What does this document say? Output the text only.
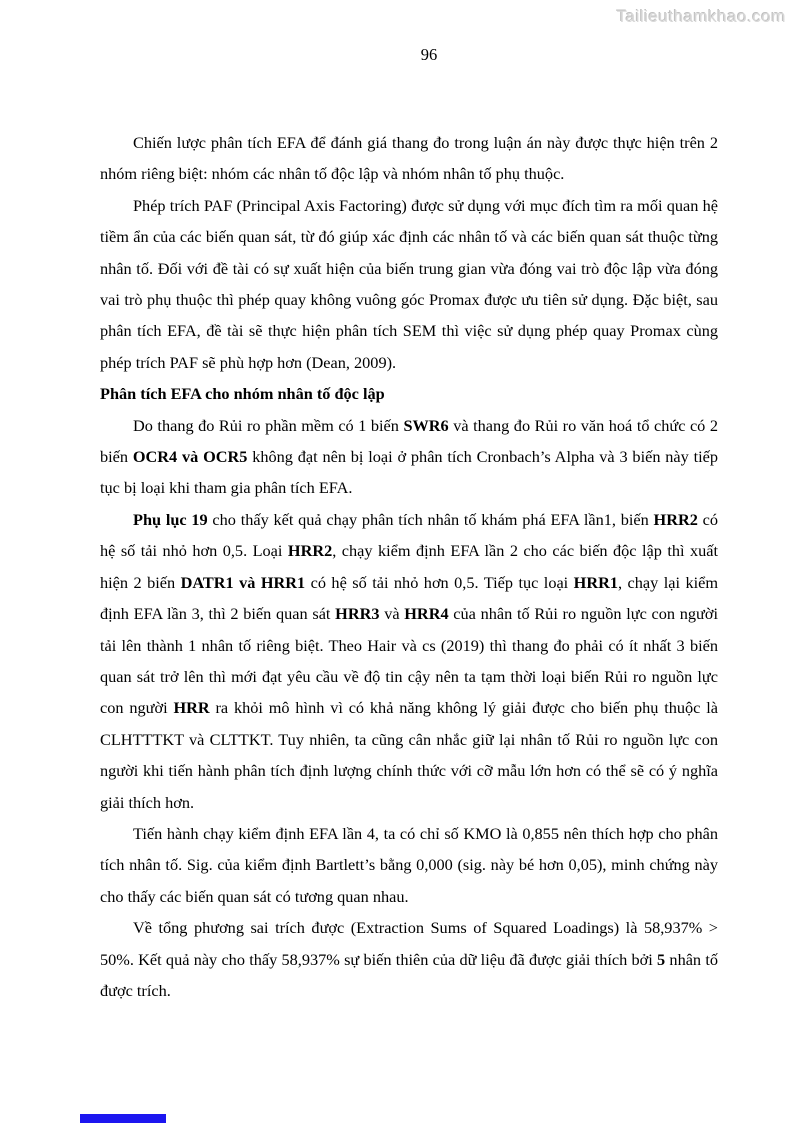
Tailieuthamkhao.com
96

Chiến lược phân tích EFA để đánh giá thang đo trong luận án này được thực hiện trên 2 nhóm riêng biệt: nhóm các nhân tố độc lập và nhóm nhân tố phụ thuộc.

Phép trích PAF (Principal Axis Factoring) được sử dụng với mục đích tìm ra mối quan hệ tiềm ẩn của các biến quan sát, từ đó giúp xác định các nhân tố và các biến quan sát thuộc từng nhân tố. Đối với đề tài có sự xuất hiện của biến trung gian vừa đóng vai trò độc lập vừa đóng vai trò phụ thuộc thì phép quay không vuông góc Promax được ưu tiên sử dụng. Đặc biệt, sau phân tích EFA, đề tài sẽ thực hiện phân tích SEM thì việc sử dụng phép quay Promax cùng phép trích PAF sẽ phù hợp hơn (Dean, 2009).

Phân tích EFA cho nhóm nhân tố độc lập

Do thang đo Rủi ro phần mềm có 1 biến SWR6 và thang đo Rủi ro văn hoá tổ chức có 2 biến OCR4 và OCR5 không đạt nên bị loại ở phân tích Cronbach’s Alpha và 3 biến này tiếp tục bị loại khi tham gia phân tích EFA.

Phụ lục 19 cho thấy kết quả chạy phân tích nhân tố khám phá EFA lần1, biến HRR2 có hệ số tải nhỏ hơn 0,5. Loại HRR2, chạy kiểm định EFA lần 2 cho các biến độc lập thì xuất hiện 2 biến DATR1 và HRR1 có hệ số tải nhỏ hơn 0,5. Tiếp tục loại HRR1, chạy lại kiểm định EFA lần 3, thì 2 biến quan sát HRR3 và HRR4 của nhân tố Rủi ro nguồn lực con người tải lên thành 1 nhân tố riêng biệt. Theo Hair và cs (2019) thì thang đo phải có ít nhất 3 biến quan sát trở lên thì mới đạt yêu cầu về độ tin cậy nên ta tạm thời loại biến Rủi ro nguồn lực con người HRR ra khỏi mô hình vì có khả năng không lý giải được cho biến phụ thuộc là CLHTTTKT và CLTTKT. Tuy nhiên, ta cũng cân nhắc giữ lại nhân tố Rủi ro nguồn lực con người khi tiến hành phân tích định lượng chính thức với cỡ mẫu lớn hơn có thể sẽ có ý nghĩa giải thích hơn.

Tiến hành chạy kiểm định EFA lần 4, ta có chỉ số KMO là 0,855 nên thích hợp cho phân tích nhân tố. Sig. của kiểm định Bartlett’s bằng 0,000 (sig. này bé hơn 0,05), minh chứng này cho thấy các biến quan sát có tương quan nhau.

Về tổng phương sai trích được (Extraction Sums of Squared Loadings) là 58,937% > 50%. Kết quả này cho thấy 58,937% sự biến thiên của dữ liệu đã được giải thích bởi 5 nhân tố được trích.
